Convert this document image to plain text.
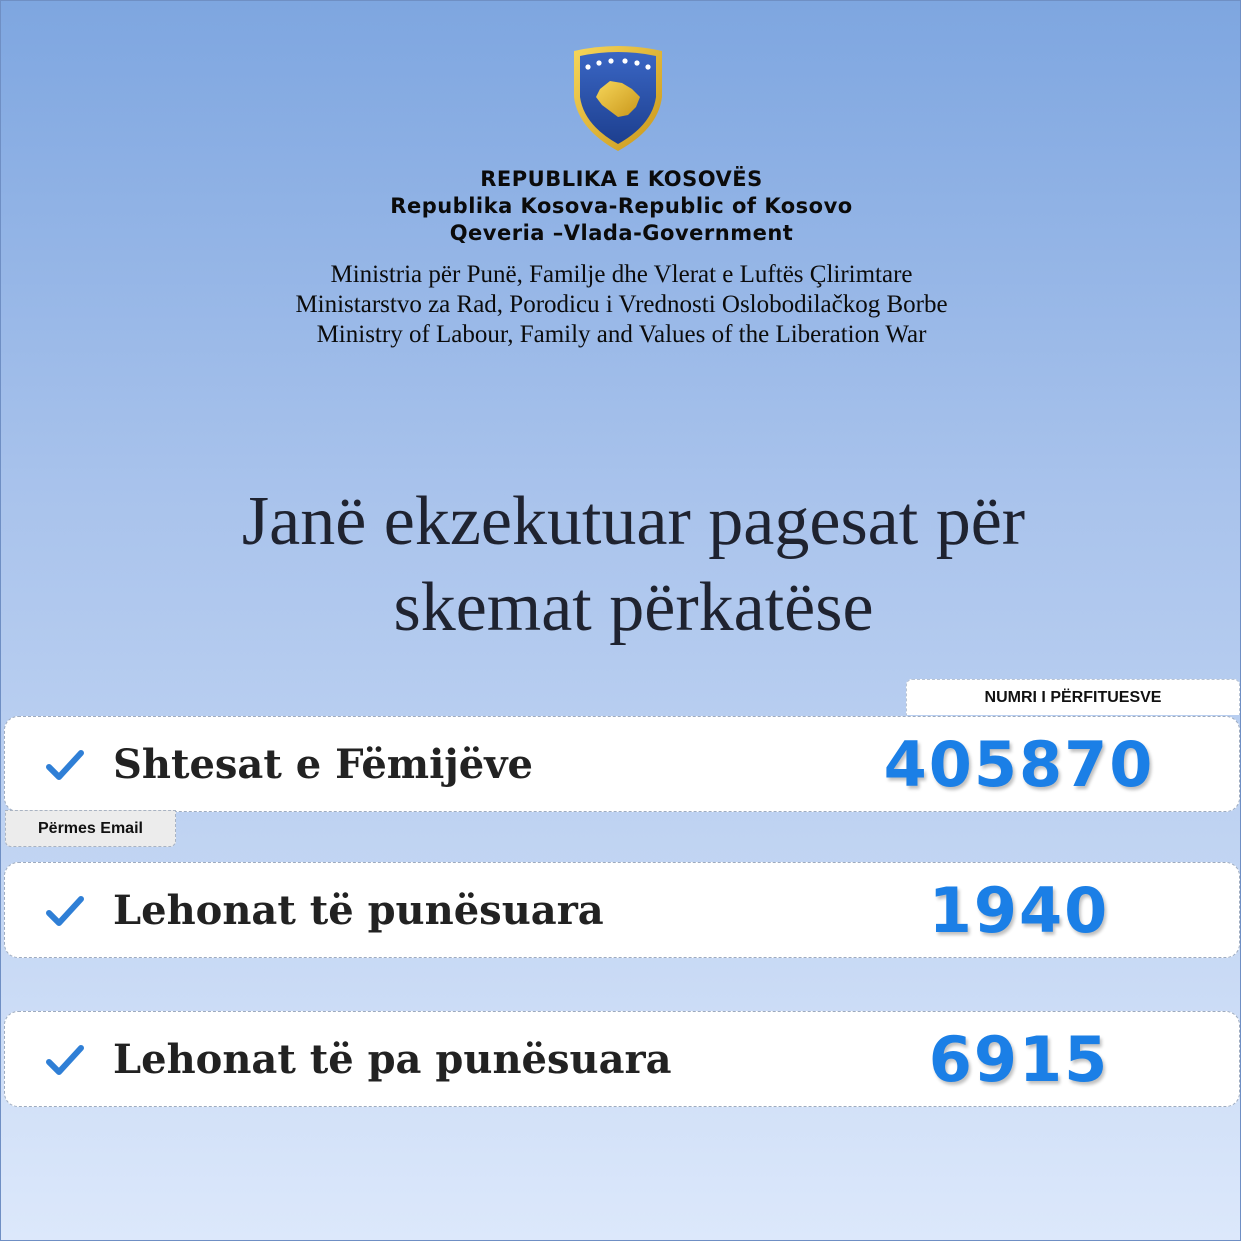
REPUBLIKA E KOSOVËS
Republika Kosova-Republic of Kosovo
Qeveria –Vlada-Government
Ministria për Punë, Familje dhe Vlerat e Luftës Çlirimtare
Ministarstvo za Rad, Porodicu i Vrednosti Oslobodilačkog Borbe
Ministry of Labour, Family and Values of the Liberation War
Janë ekzekutuar pagesat për
skemat përkatëse
NUMRI I PËRFITUESVE
Shtesat e Fëmijëve	405870
Përmes Email
Lehonat të punësuara	1940
Lehonat të pa punësuara	6915
